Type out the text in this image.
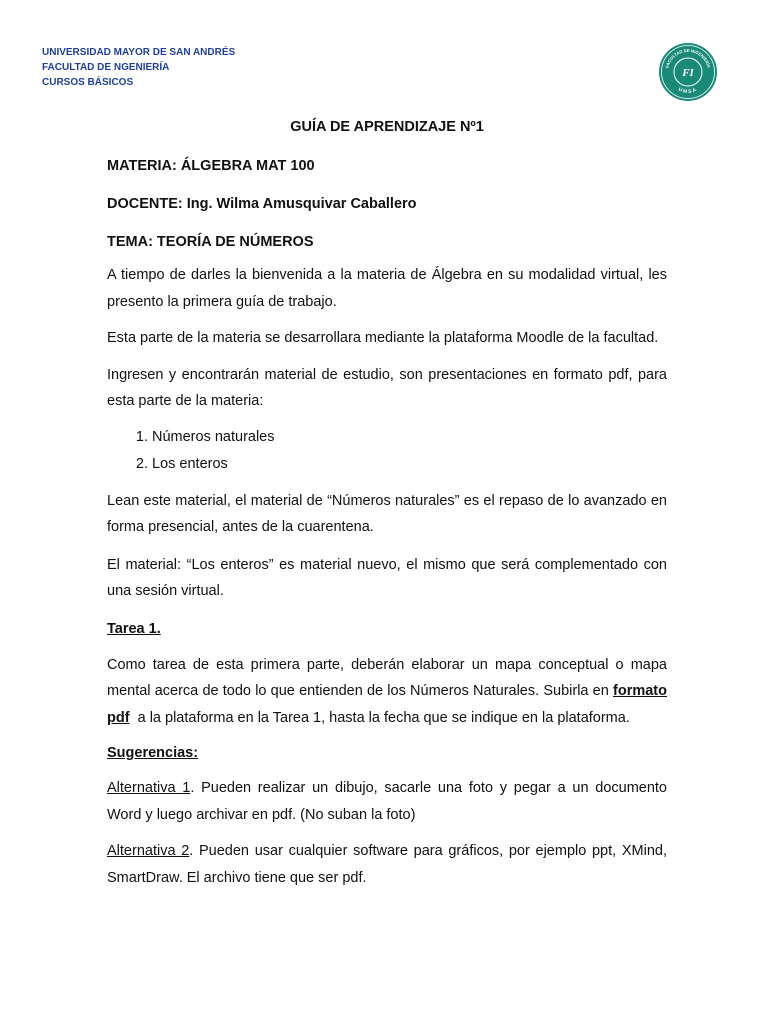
UNIVERSIDAD MAYOR DE SAN ANDRÉS
FACULTAD DE NGENIERÍA
CURSOS BÁSICOS
FACULTAD DE INGENIERÍA
UMSA
FI
GUÍA DE APRENDIZAJE Nº1
MATERIA: ÁLGEBRA MAT 100
DOCENTE: Ing. Wilma Amusquivar Caballero
TEMA: TEORÍA DE NÚMEROS

A tiempo de darles la bienvenida a la materia de Álgebra en su modalidad virtual, les presento la primera guía de trabajo.

Esta parte de la materia se desarrollara mediante la plataforma Moodle de la facultad.

Ingresen y encontrarán material de estudio, son presentaciones en formato pdf, para esta parte de la materia:

1. Números naturales
2. Los enteros

Lean este material, el material de “Números naturales” es el repaso de lo avanzado en forma presencial, antes de la cuarentena.

El material: “Los enteros” es material nuevo, el mismo que será complementado con una sesión virtual.

Tarea 1.

Como tarea de esta primera parte, deberán elaborar un mapa conceptual o mapa mental acerca de todo lo que entienden de los Números Naturales. Subirla en formato pdf  a la plataforma en la Tarea 1, hasta la fecha que se indique en la plataforma.

Sugerencias:

Alternativa 1. Pueden realizar un dibujo, sacarle una foto y pegar a un documento Word y luego archivar en pdf. (No suban la foto)

Alternativa 2. Pueden usar cualquier software para gráficos, por ejemplo ppt, XMind, SmartDraw. El archivo tiene que ser pdf.
